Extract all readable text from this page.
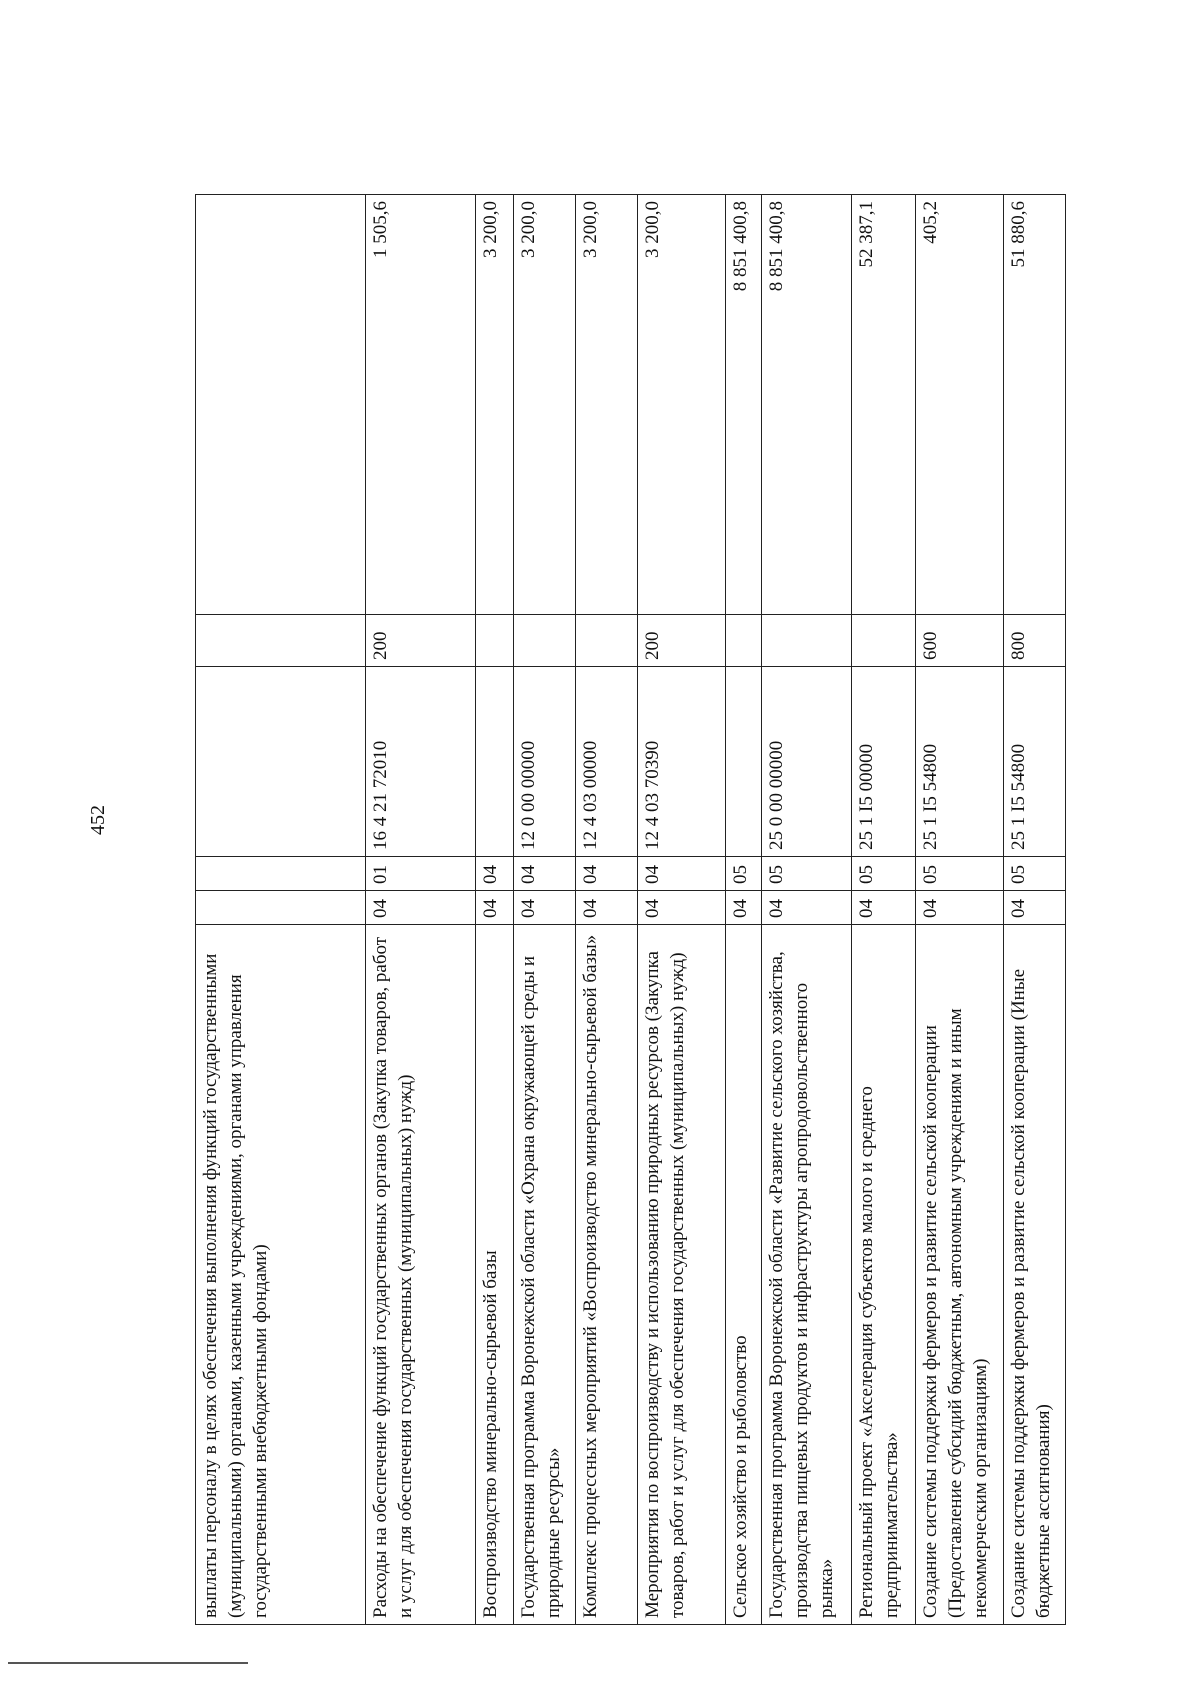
452
выплаты персоналу в целях обеспечения выполнения функций государственными (муниципальными) органами, казенными учреждениями, органами управления государственными внебюджетными фондами)					
Расходы на обеспечение функций государственных органов (Закупка товаров, работ и услуг для обеспечения государственных (муниципальных) нужд)	04	01	16 4 21 72010	200	1 505,6
Воспроизводство минерально-сырьевой базы	04	04			3 200,0
Государственная программа Воронежской области «Охрана окружающей среды и природные ресурсы»	04	04	12 0 00 00000		3 200,0
Комплекс процессных мероприятий «Воспроизводство минерально-сырьевой базы»	04	04	12 4 03 00000		3 200,0
Мероприятия по воспроизводству и использованию природных ресурсов (Закупка товаров, работ и услуг для обеспечения государственных (муниципальных) нужд)	04	04	12 4 03 70390	200	3 200,0
Сельское хозяйство и рыболовство	04	05			8 851 400,8
Государственная программа Воронежской области «Развитие сельского хозяйства, производства пищевых продуктов и инфраструктуры агропродовольственного рынка»	04	05	25 0 00 00000		8 851 400,8
Региональный проект «Акселерация субъектов малого и среднего предпринимательства»	04	05	25 1 I5 00000		52 387,1
Создание системы поддержки фермеров и развитие сельской кооперации (Предоставление субсидий бюджетным, автономным учреждениям и иным некоммерческим организациям)	04	05	25 1 I5 54800	600	405,2
Создание системы поддержки фермеров и развитие сельской кооперации (Иные бюджетные ассигнования)	04	05	25 1 I5 54800	800	51 880,6
